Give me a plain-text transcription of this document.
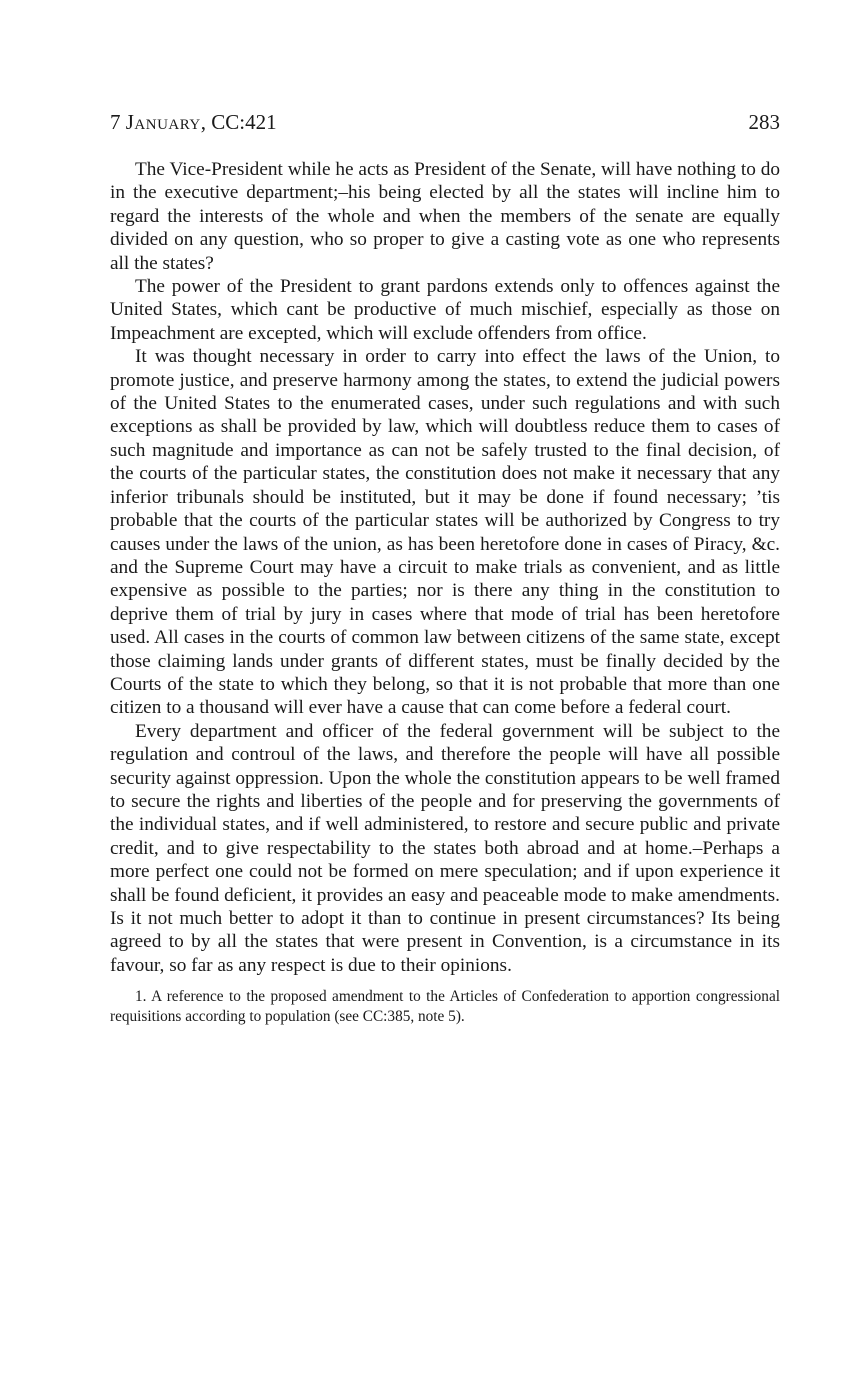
7 January, CC:421	283

The Vice-President while he acts as President of the Senate, will have nothing to do in the executive department;–his being elected by all the states will incline him to regard the interests of the whole and when the members of the senate are equally divided on any question, who so proper to give a casting vote as one who represents all the states?

The power of the President to grant pardons extends only to offences against the United States, which cant be productive of much mischief, especially as those on Impeachment are excepted, which will exclude offenders from office.

It was thought necessary in order to carry into effect the laws of the Union, to promote justice, and preserve harmony among the states, to extend the judicial powers of the United States to the enumerated cases, under such regulations and with such exceptions as shall be provided by law, which will doubtless reduce them to cases of such magnitude and importance as can not be safely trusted to the final decision, of the courts of the particular states, the constitution does not make it necessary that any inferior tribunals should be instituted, but it may be done if found necessary; ’tis probable that the courts of the particular states will be authorized by Congress to try causes under the laws of the union, as has been heretofore done in cases of Piracy, &c. and the Supreme Court may have a circuit to make trials as convenient, and as little expensive as possible to the parties; nor is there any thing in the constitution to deprive them of trial by jury in cases where that mode of trial has been heretofore used. All cases in the courts of common law between citizens of the same state, except those claiming lands under grants of different states, must be finally decided by the Courts of the state to which they belong, so that it is not probable that more than one citizen to a thousand will ever have a cause that can come before a federal court.

Every department and officer of the federal government will be subject to the regulation and controul of the laws, and therefore the people will have all possible security against oppression. Upon the whole the constitution appears to be well framed to secure the rights and liberties of the people and for preserving the governments of the individual states, and if well administered, to restore and secure public and private credit, and to give respectability to the states both abroad and at home.–Perhaps a more perfect one could not be formed on mere speculation; and if upon experience it shall be found deficient, it provides an easy and peaceable mode to make amendments. Is it not much better to adopt it than to continue in present circumstances? Its being agreed to by all the states that were present in Convention, is a circumstance in its favour, so far as any respect is due to their opinions.

1. A reference to the proposed amendment to the Articles of Confederation to apportion congressional requisitions according to population (see CC:385, note 5).
